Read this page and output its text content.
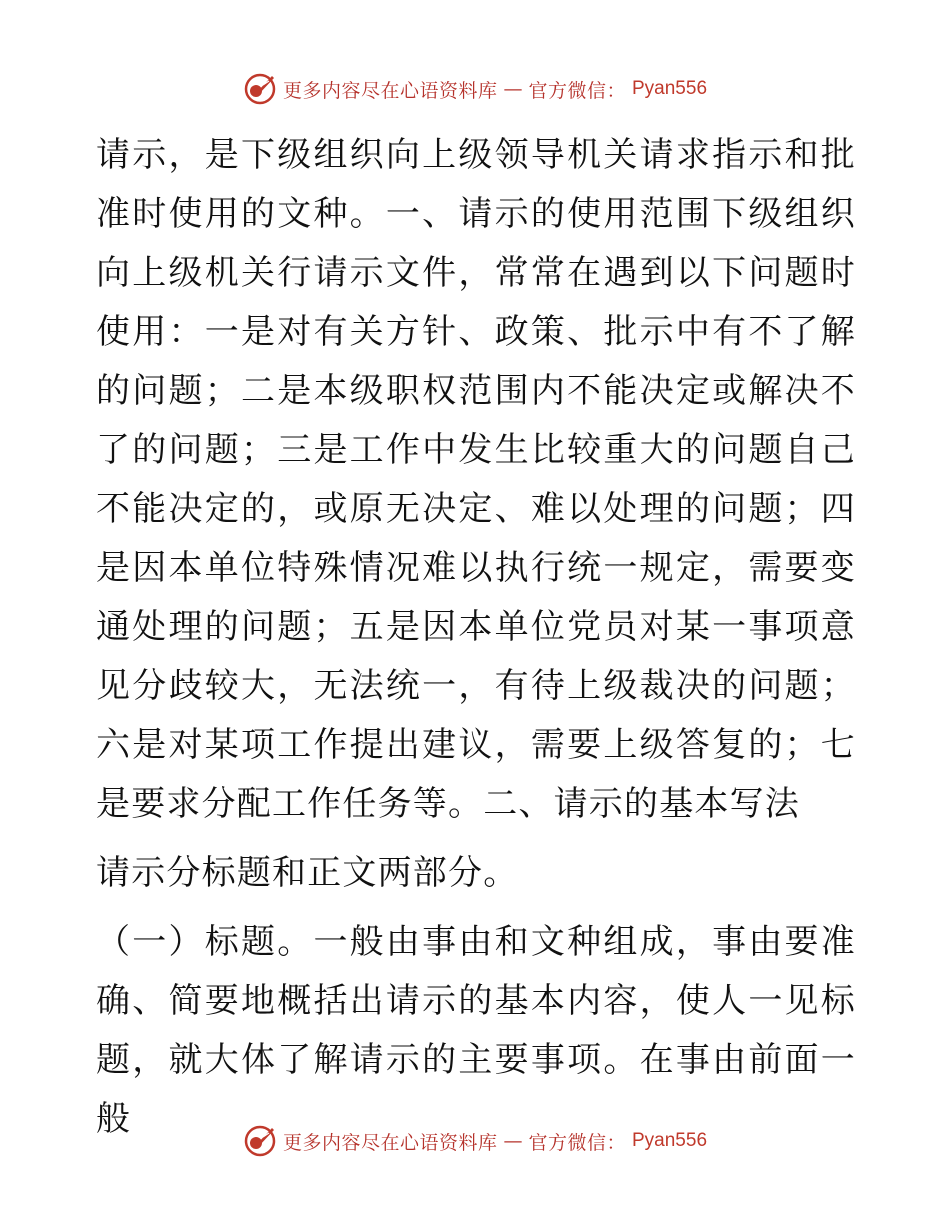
更多内容尽在心语资料库 — 官方微信： Pyan556

请示，是下级组织向上级领导机关请求指示和批准时使用的文种。一、请示的使用范围下级组织向上级机关行请示文件，常常在遇到以下问题时使用：一是对有关方针、政策、批示中有不了解的问题；二是本级职权范围内不能决定或解决不了的问题；三是工作中发生比较重大的问题自己不能决定的，或原无决定、难以处理的问题；四是因本单位特殊情况难以执行统一规定，需要变通处理的问题；五是因本单位党员对某一事项意见分歧较大，无法统一，有待上级裁决的问题；六是对某项工作提出建议，需要上级答复的；七是要求分配工作任务等。二、请示的基本写法

请示分标题和正文两部分。

（一）标题。一般由事由和文种组成，事由要准确、简要地概括出请示的基本内容，使人一见标题，就大体了解请示的主要事项。在事由前面一般

更多内容尽在心语资料库 — 官方微信： Pyan556
